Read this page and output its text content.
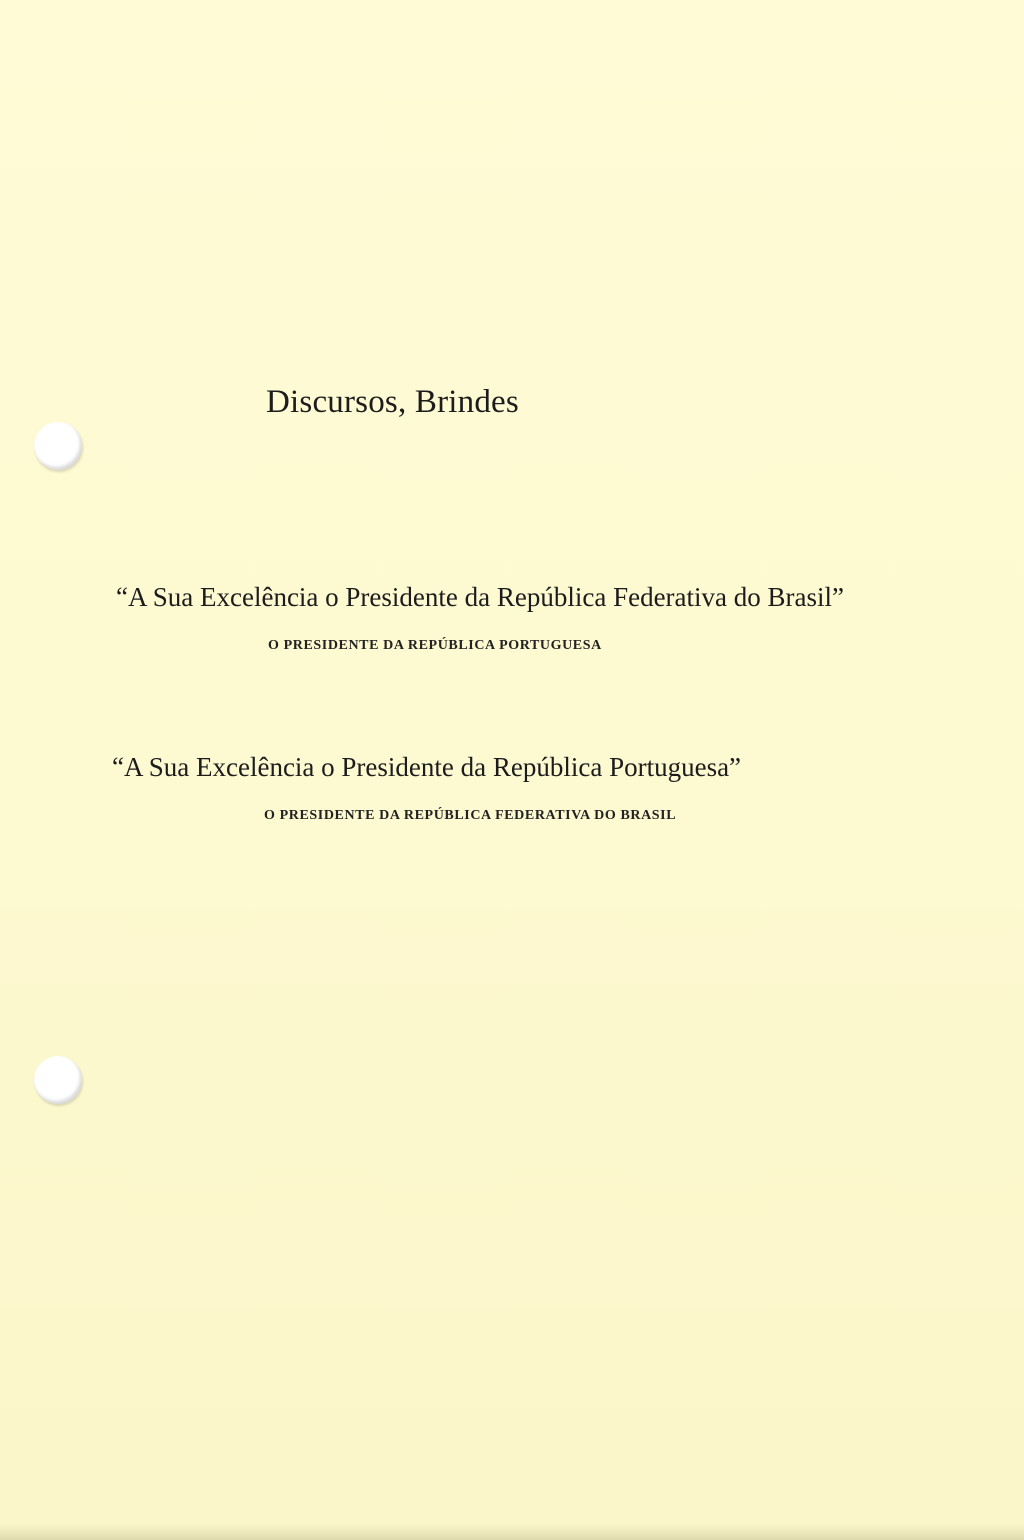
Discursos, Brindes
“A Sua Excelência o Presidente da República Federativa do Brasil”
O PRESIDENTE DA REPÚBLICA PORTUGUESA
“A Sua Excelência o Presidente da República Portuguesa”
O PRESIDENTE DA REPÚBLICA FEDERATIVA DO BRASIL
